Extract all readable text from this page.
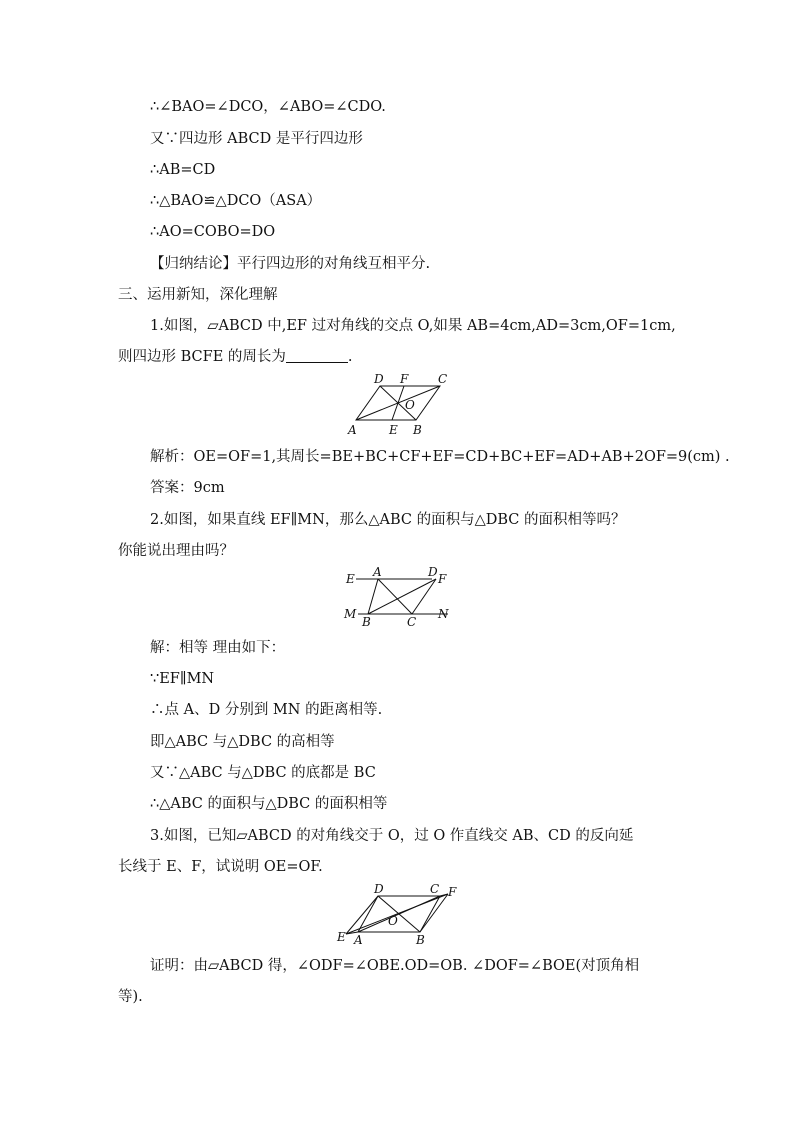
∴∠BAO=∠DCO，∠ABO=∠CDO.
又∵四边形 ABCD 是平行四边形
∴AB=CD
∴△BAO≌△DCO（ASA）
∴AO=COBO=DO
【归纳结论】平行四边形的对角线互相平分.
三、运用新知，深化理解
1.如图，▱ABCD 中,EF 过对角线的交点 O,如果 AB=4cm,AD=3cm,OF=1cm,
则四边形 BCFE 的周长为	.
A	B
E
C
D F
O
解析：OE=OF=1,其周长=BE+BC+CF+EF=CD+BC+EF=AD+AB+2OF=9(cm) .
答案：9cm
2.如图，如果直线 EF∥MN，那么△ABC 的面积与△DBC 的面积相等吗？
你能说出理由吗？
E A	D F
M
B	C
N
解：相等 理由如下：
∵EF∥MN
∴点 A、D 分别到 MN 的距离相等.
即△ABC 与△DBC 的高相等
又∵△ABC 与△DBC 的底都是 BC
∴△ABC 的面积与△DBC 的面积相等
3.如图，已知▱ABCD 的对角线交于 O，过 O 作直线交 AB、CD 的反向延
长线于 E、F，试说明 OE=OF.
D	C F
O
E A	B
证明：由▱ABCD 得，∠ODF=∠OBE.OD=OB. ∠DOF=∠BOE(对顶角相
等).
